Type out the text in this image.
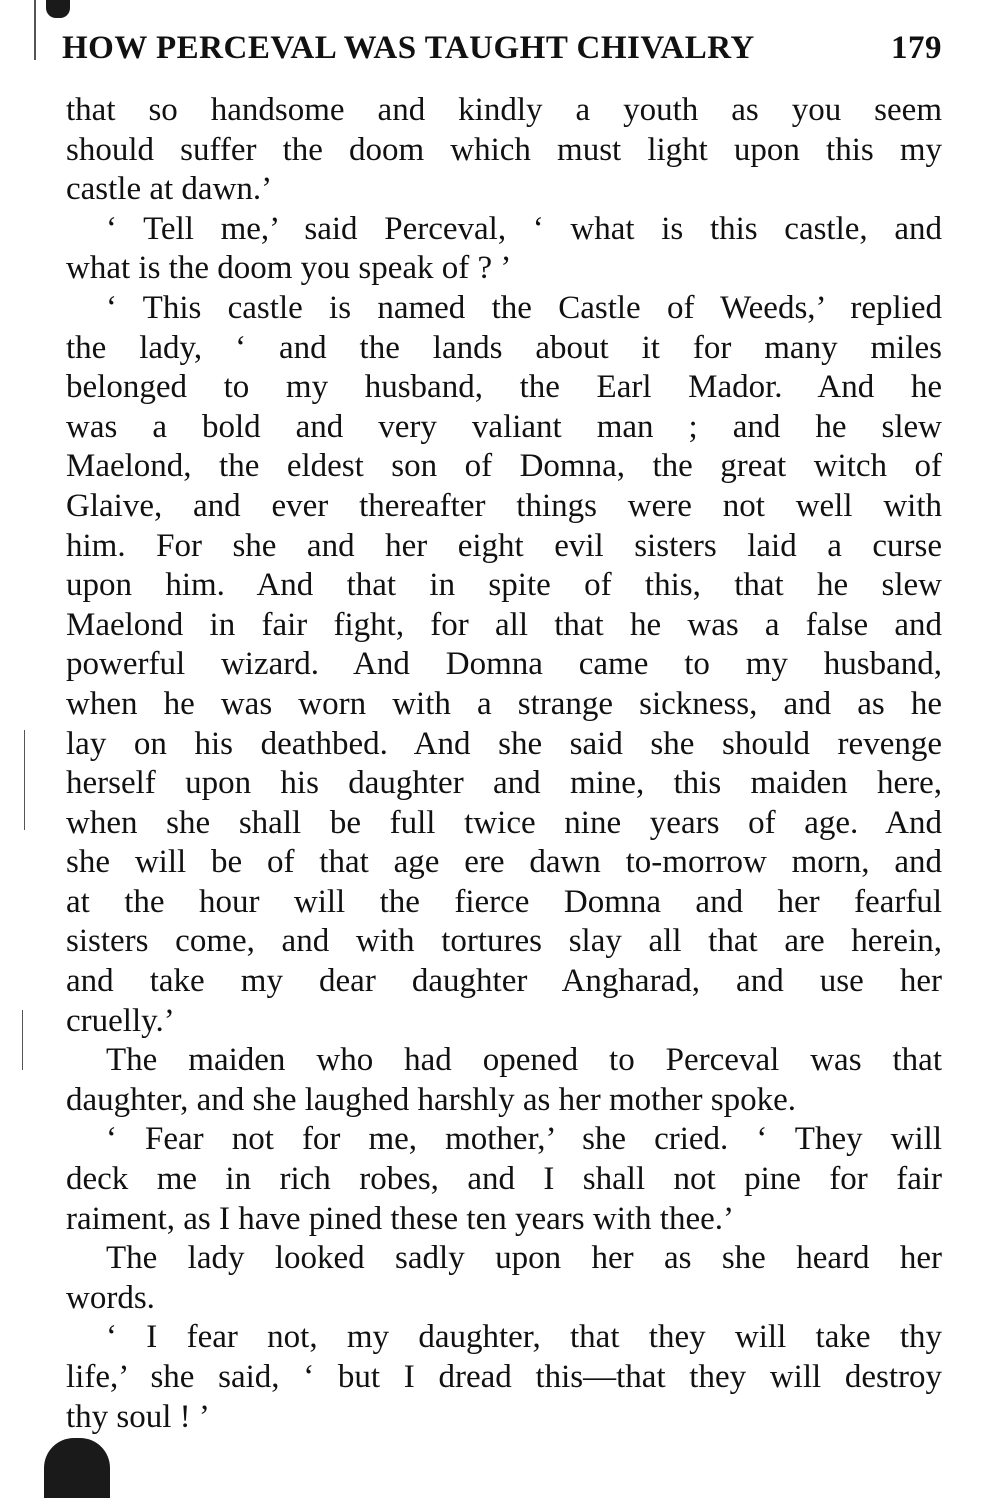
HOW PERCEVAL WAS TAUGHT CHIVALRY	179
that so handsome and kindly a youth as you seem
should suffer the doom which must light upon this my
castle at dawn.’
‘ Tell me,’ said Perceval, ‘ what is this castle, and
what is the doom you speak of ? ’
‘ This castle is named the Castle of Weeds,’ replied
the lady, ‘ and the lands about it for many miles
belonged to my husband, the Earl Mador. And he
was a bold and very valiant man ; and he slew
Maelond, the eldest son of Domna, the great witch of
Glaive, and ever thereafter things were not well with
him. For she and her eight evil sisters laid a curse
upon him. And that in spite of this, that he slew
Maelond in fair fight, for all that he was a false and
powerful wizard. And Domna came to my husband,
when he was worn with a strange sickness, and as he
lay on his deathbed. And she said she should revenge
herself upon his daughter and mine, this maiden here,
when she shall be full twice nine years of age. And
she will be of that age ere dawn to-morrow morn, and
at the hour will the fierce Domna and her fearful
sisters come, and with tortures slay all that are herein,
and take my dear daughter Angharad, and use her
cruelly.’
The maiden who had opened to Perceval was that
daughter, and she laughed harshly as her mother spoke.
‘ Fear not for me, mother,’ she cried. ‘ They will
deck me in rich robes, and I shall not pine for fair
raiment, as I have pined these ten years with thee.’
The lady looked sadly upon her as she heard her
words.
‘ I fear not, my daughter, that they will take thy
life,’ she said, ‘ but I dread this—that they will destroy
thy soul ! ’
